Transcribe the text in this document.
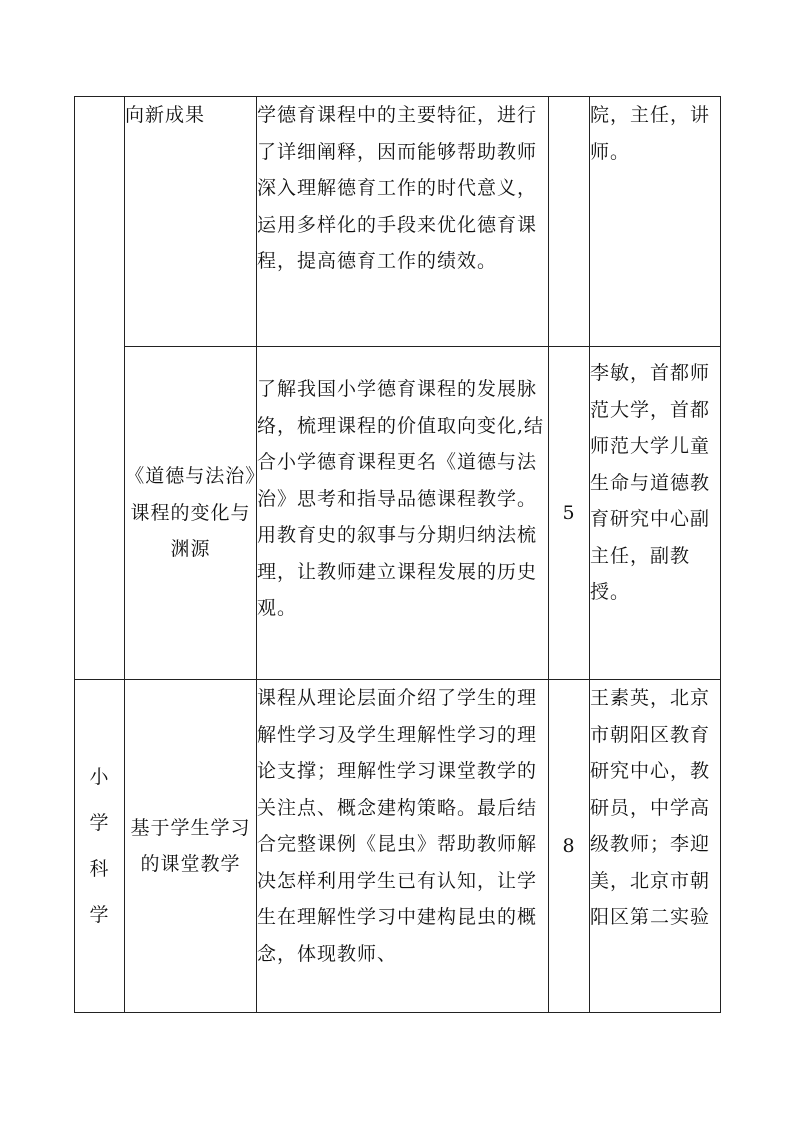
	向新成果	学德育课程中的主要特征，进行了详细阐释，因而能够帮助教师深入理解德育工作的时代意义，运用多样化的手段来优化德育课程，提高德育工作的绩效。		院，主任，讲师。

	《道德与法治》课程的变化与渊源	了解我国小学德育课程的发展脉络，梳理课程的价值取向变化,结合小学德育课程更名《道德与法治》思考和指导品德课程教学。用教育史的叙事与分期归纳法梳理，让教师建立课程发展的历史观。	5	李敏，首都师范大学，首都师范大学儿童生命与道德教育研究中心副主任，副教授。

小学科学	基于学生学习的课堂教学	课程从理论层面介绍了学生的理解性学习及学生理解性学习的理论支撑；理解性学习课堂教学的关注点、概念建构策略。最后结合完整课例《昆虫》帮助教师解决怎样利用学生已有认知，让学生在理解性学习中建构昆虫的概念，体现教师、	8	王素英，北京市朝阳区教育研究中心，教研员，中学高级教师；李迎美，北京市朝阳区第二实验
